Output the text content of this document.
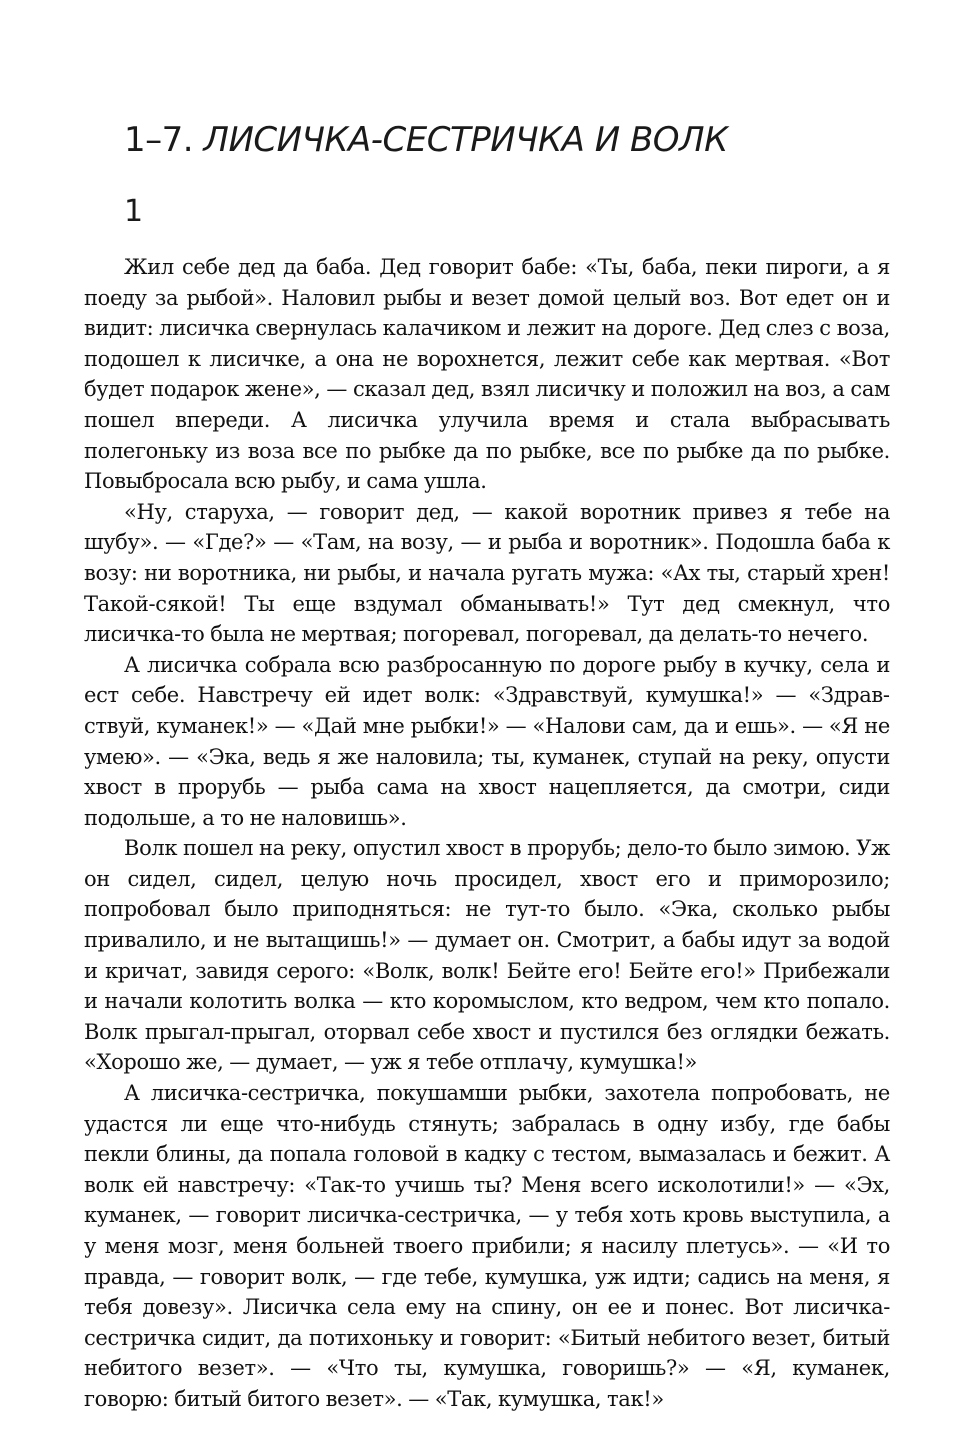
1–7. ЛИСИЧКА-СЕСТРИЧКА И ВОЛК
1

Жил себе дед да баба. Дед говорит бабе: «Ты, баба, пеки пироги, а я поеду за рыбой». Наловил рыбы и везет домой целый воз. Вот едет он и видит: лисичка свернулась калачиком и лежит на дороге. Дед слез с воза, подошел к лисичке, а она не ворохнется, лежит себе как мертвая. «Вот будет подарок жене», — сказал дед, взял лисичку и положил на воз, а сам пошел впереди. А лисичка улучила время и стала выбрасывать полегоньку из воза все по рыбке да по рыбке, все по рыбке да по рыбке. Повыбросала всю рыбу, и сама ушла.

«Ну, старуха, — говорит дед, — какой воротник привез я тебе на шубу». — «Где?» — «Там, на возу, — и рыба и воротник». Подошла баба к возу: ни воротника, ни рыбы, и начала ругать мужа: «Ах ты, старый хрен! Такой-сякой! Ты еще вздумал обманывать!» Тут дед смекнул, что лисичка-то была не мертвая; погоревал, погоревал, да делать-то нечего.

А лисичка собрала всю разбросанную по дороге рыбу в кучку, села и ест себе. Навстречу ей идет волк: «Здравствуй, кумушка!» — «Здравствуй, куманек!» — «Дай мне рыбки!» — «Налови сам, да и ешь». — «Я не умею». — «Эка, ведь я же наловила; ты, куманек, ступай на реку, опусти хвост в прорубь — рыба сама на хвост нацепляется, да смотри, сиди подольше, а то не наловишь».

Волк пошел на реку, опустил хвост в прорубь; дело-то было зимою. Уж он сидел, сидел, целую ночь просидел, хвост его и приморозило; попробовал было приподняться: не тут-то было. «Эка, сколько рыбы привалило, и не вытащишь!» — думает он. Смотрит, а бабы идут за водой и кричат, завидя серого: «Волк, волк! Бейте его! Бейте его!» Прибежали и начали колотить волка — кто коромыслом, кто ведром, чем кто попало. Волк прыгал-прыгал, оторвал себе хвост и пустился без оглядки бежать. «Хорошо же, — думает, — уж я тебе отплачу, кумушка!»

А лисичка-сестричка, покушамши рыбки, захотела попробовать, не удастся ли еще что-нибудь стянуть; забралась в одну избу, где бабы пекли блины, да попала головой в кадку с тестом, вымазалась и бежит. А волк ей навстречу: «Так-то учишь ты? Меня всего исколотили!» — «Эх, куманек, — говорит лисичка-сестричка, — у тебя хоть кровь выступила, а у меня мозг, меня больней твоего прибили; я насилу плетусь». — «И то правда, — говорит волк, — где тебе, кумушка, уж идти; садись на меня, я тебя довезу». Лисичка села ему на спину, он ее и понес. Вот лисичка-сестричка сидит, да потихоньку и говорит: «Битый небитого везет, битый небитого везет». — «Что ты, кумушка, говоришь?» — «Я, куманек, говорю: битый битого везет». — «Так, кумушка, так!»
